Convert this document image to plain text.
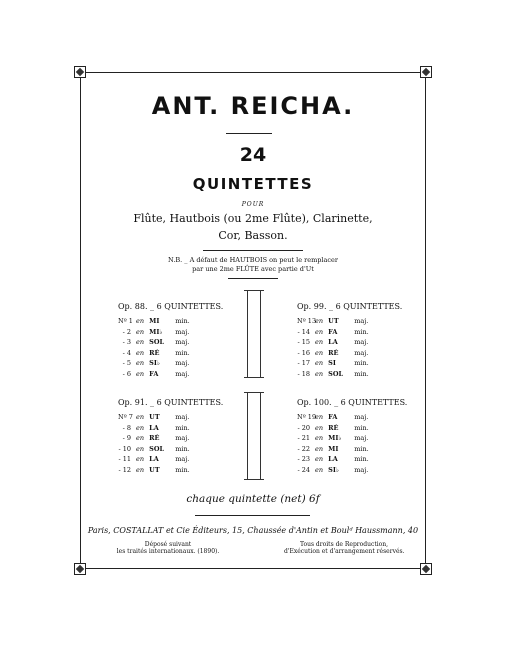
ANT. REICHA.
24
QUINTETTES
POUR
Flûte, Hautbois (ou 2me Flûte), Clarinette,
Cor, Basson.
N.B. _ A défaut de HAUTBOIS on peut le remplacer
par une 2me FLÛTE avec partie d'Ut
Op. 88. _ 6 QUINTETTES.
Nº 1 en MI min.
- 2 en MI♭ maj.
- 3 en SOL maj.
- 4 en RÉ min.
- 5 en SI♭ maj.
- 6 en FA	maj.
Op. 99. _ 6 QUINTETTES.
Nº 13 en UT maj.
- 14 en FA	min.
- 15 en LA	maj.
- 16 en RÉ maj.
- 17 en SI	min.
- 18 en SOL min.
Op. 91. _ 6 QUINTETTES.
Nº 7 en UT maj.
- 8 en LA	min.
- 9 en RÉ maj.
- 10 en SOL min.
- 11 en LA	maj.
- 12 en UT min.
Op. 100. _ 6 QUINTETTES.
Nº 19 en FA	maj.
- 20 en RÉ min.
- 21 en MI♭ maj.
- 22 en MI min.
- 23 en LA	min.
- 24 en SI♭ maj.
chaque quintette (net) 6f
Paris, COSTALLAT et Cie Éditeurs, 15, Chaussée d'Antin et Boulᵈ Haussmann, 40
Déposé suivant
les traités internationaux. (1890).
Tous droits de Reproduction,
d'Exécution et d'arrangement réservés.
